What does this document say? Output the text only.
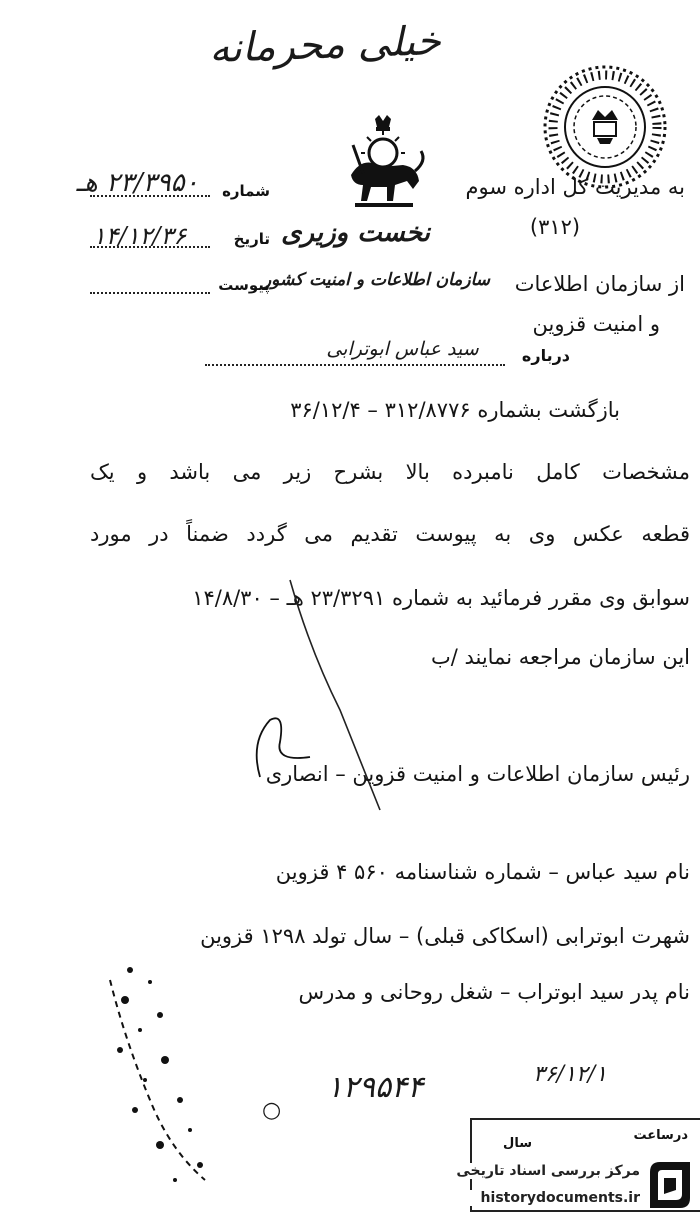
خیلی محرمانه
نخست وزیری
سازمان اطلاعات و امنیت کشور
شماره
۲۳/۳۹۵۰ هـ
تاریخ
۱۴/۱۲/۳۶
پیوست
به مدیریت کل اداره سوم
(۳۱۲)
از سازمان اطلاعات
و امنیت قزوین
درباره
سید عباس ابوترابی
بازگشت بشماره ۳۱۲/۸۷۷۶ – ۳۶/۱۲/۴
مشخصات کامل نامبرده بالا بشرح زیر می باشد و یک
قطعه عکس وی به پیوست تقدیم می گردد ضمناً در مورد
سوابق وی مقرر فرمائید به شماره ۲۳/۳۲۹۱ هـ – ۱۴/۸/۳۰
این سازمان مراجعه نمایند /ب
رئیس سازمان اطلاعات و امنیت قزوین – انصاری
نام سید عباس – شماره شناسنامه ۵۶۰ ۴ قزوین
شهرت ابوترابی (اسکاکی قبلی) – سال تولد ۱۲۹۸ قزوین
نام پدر سید ابوتراب – شغل روحانی و مدرس
۱۲۹۵۴۴
○
۳۶/۱۲/۱
درساعت
سال
مرکز بررسی اسناد تاریخی
historydocuments.ir
